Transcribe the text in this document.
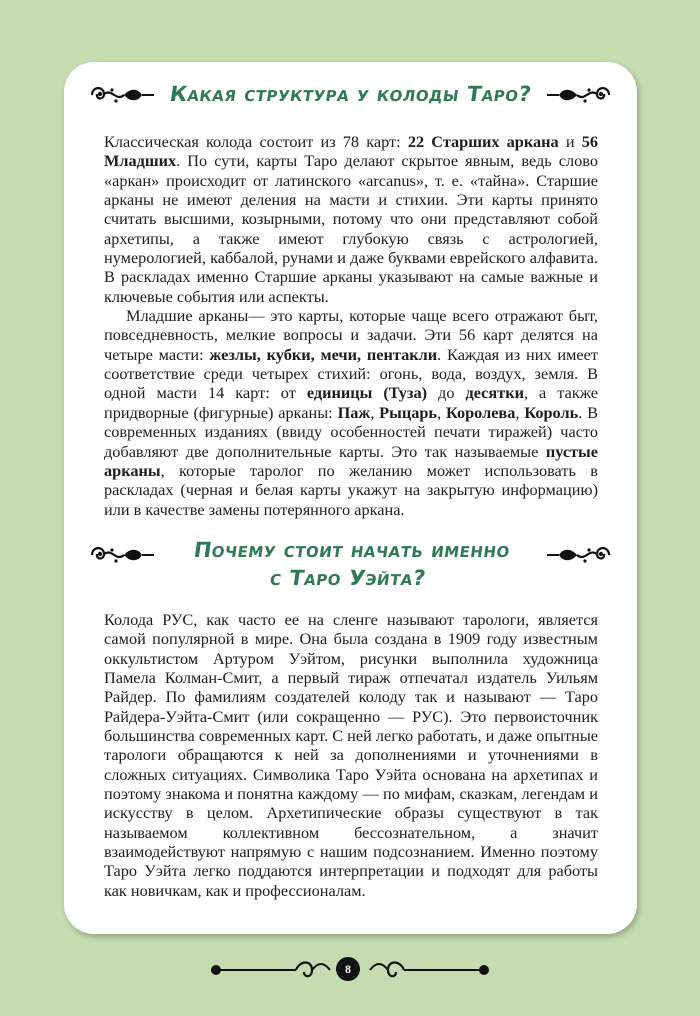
Какая структура у колоды Таро?

Классическая колода состоит из 78 карт: 22 Старших аркана и 56 Младших. По сути, карты Таро делают скрытое явным, ведь слово «аркан» происходит от латинского «arcanus», т. е. «тайна». Старшие арканы не имеют деления на масти и стихии. Эти карты принято считать высшими, козырными, потому что они представляют собой архетипы, а также имеют глубокую связь с астрологией, нумерологией, каббалой, рунами и даже буквами еврейского алфавита. В раскладах именно Старшие арканы указывают на самые важные и ключевые события или аспекты.

Младшие арканы— это карты, которые чаще всего отражают быт, повседневность, мелкие вопросы и задачи. Эти 56 карт делятся на четыре масти: жезлы, кубки, мечи, пентакли. Каждая из них имеет соответствие среди четырех стихий: огонь, вода, воздух, земля. В одной масти 14 карт: от единицы (Туза) до десятки, а также придворные (фигурные) арканы: Паж, Рыцарь, Королева, Король. В современных изданиях (ввиду особенностей печати тиражей) часто добавляют две дополнительные карты. Это так называемые пустые арканы, которые таролог по желанию может использовать в раскладах (черная и белая карты укажут на закрытую информацию) или в качестве замены потерянного аркана.

Почему стоит начать именно
с Таро Уэйта?

Колода РУС, как часто ее на сленге называют тарологи, является самой популярной в мире. Она была создана в 1909 году известным оккультистом Артуром Уэйтом, рисунки выполнила художница Памела Колман-Смит, а первый тираж отпечатал издатель Уильям Райдер. По фамилиям создателей колоду так и называют — Таро Райдера-Уэйта-Смит (или сокращенно — РУС). Это первоисточник большинства современных карт. С ней легко работать, и даже опытные тарологи обращаются к ней за дополнениями и уточнениями в сложных ситуациях. Символика Таро Уэйта основана на архетипах и поэтому знакома и понятна каждому — по мифам, сказкам, легендам и искусству в целом. Архетипические образы существуют в так называемом коллективном бессознательном, а значит взаимодействуют напрямую с нашим подсознанием. Именно поэтому Таро Уэйта легко поддаются интерпретации и подходят для работы как новичкам, как и профессионалам.

8
